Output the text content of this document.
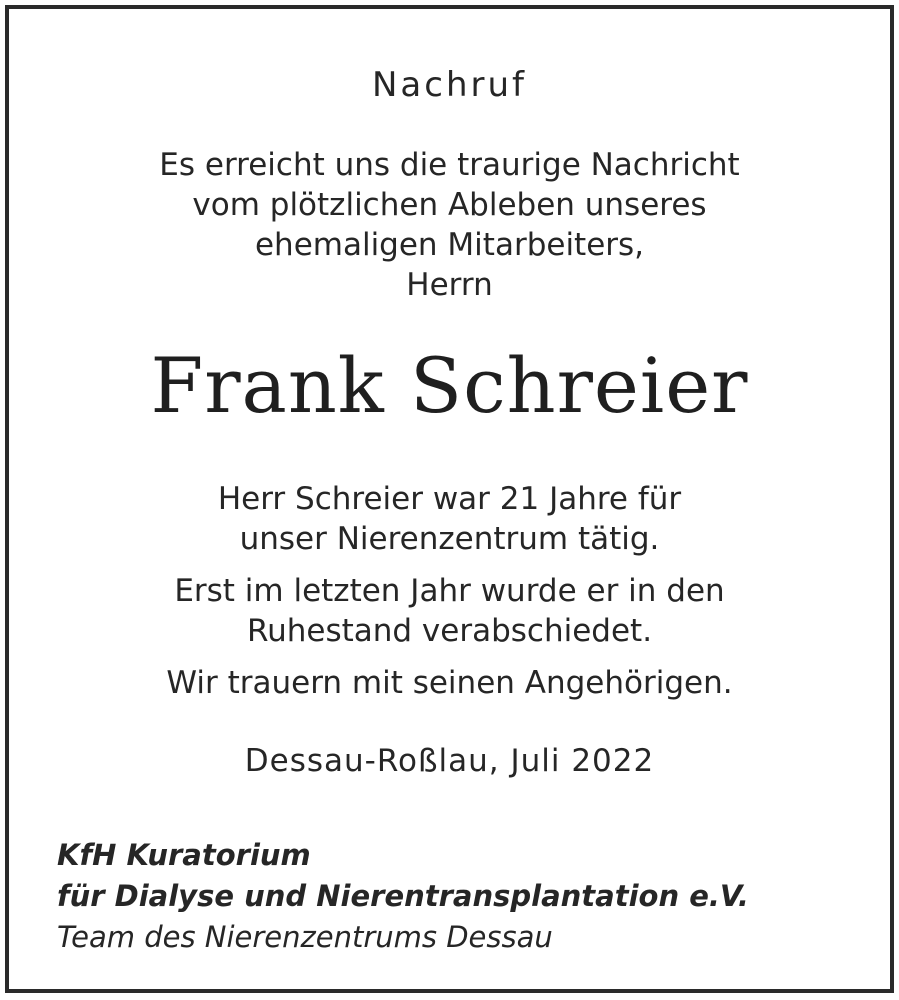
Nachruf
Es erreicht uns die traurige Nachricht
vom plötzlichen Ableben unseres
ehemaligen Mitarbeiters,
Herrn
Frank Schreier

Herr Schreier war 21 Jahre für
unser Nierenzentrum tätig.

Erst im letzten Jahr wurde er in den
Ruhestand verabschiedet.

Wir trauern mit seinen Angehörigen.

Dessau-Roßlau, Juli 2022
KfH Kuratorium
für Dialyse und Nierentransplantation e.V.
Team des Nierenzentrums Dessau
